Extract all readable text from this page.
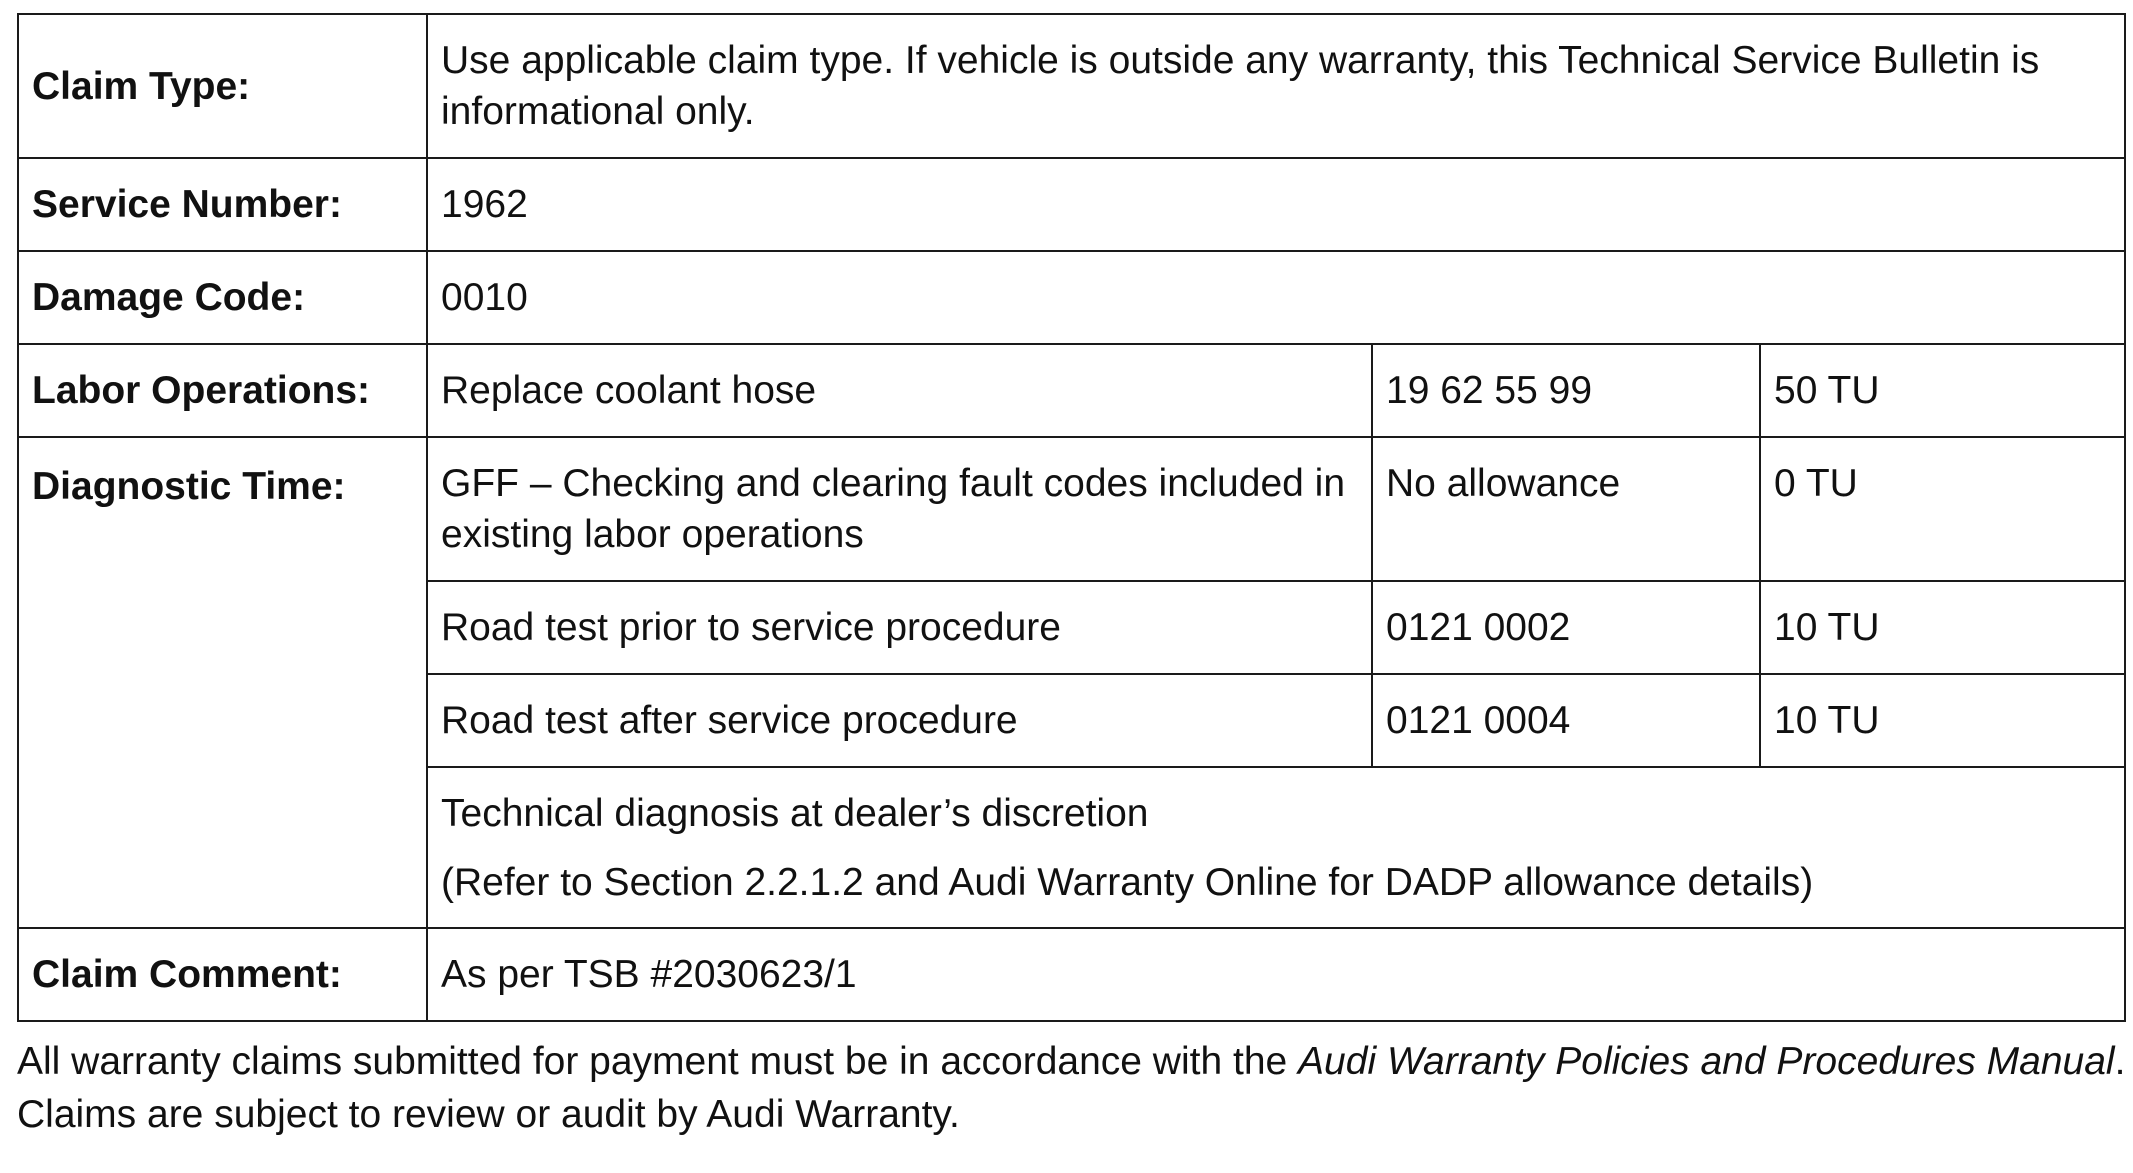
Claim Type:	Use applicable claim type. If vehicle is outside any warranty, this Technical Service Bulletin is informational only.		
Service Number:	1962		
Damage Code:	0010		
Labor Operations:	Replace coolant hose	19 62 55 99	50 TU
Diagnostic Time:	GFF – Checking and clearing fault codes included in existing labor operations	No allowance	0 TU
	Road test prior to service procedure	0121 0002	10 TU
	Road test after service procedure	0121 0004	10 TU
	Technical diagnosis at dealer’s discretion
(Refer to Section 2.2.1.2 and Audi Warranty Online for DADP allowance details)		

Claim Comment:	As per TSB #2030623/1		

All warranty claims submitted for payment must be in accordance with the Audi Warranty Policies and Procedures Manual. Claims are subject to review or audit by Audi Warranty.
